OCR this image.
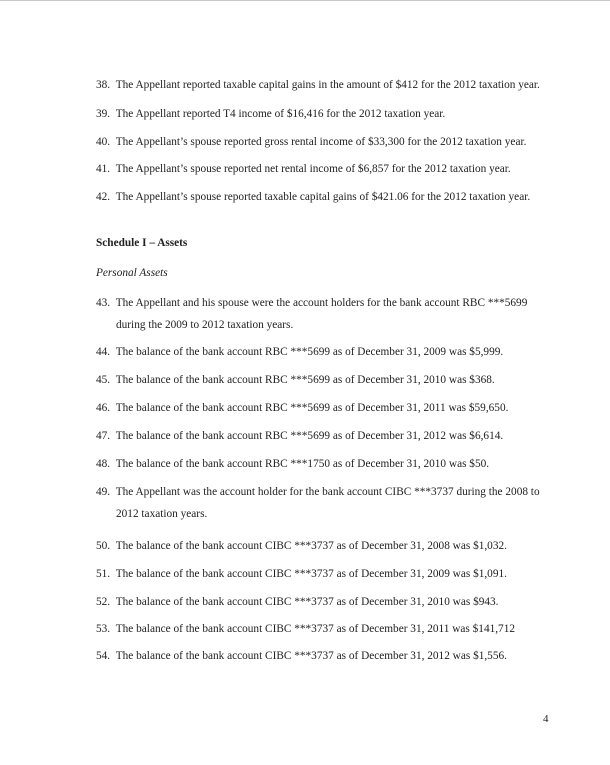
38. The Appellant reported taxable capital gains in the amount of $412 for the 2012 taxation year.

39. The Appellant reported T4 income of $16,416 for the 2012 taxation year.

40. The Appellant’s spouse reported gross rental income of $33,300 for the 2012 taxation year.

41. The Appellant’s spouse reported net rental income of $6,857 for the 2012 taxation year.

42. The Appellant’s spouse reported taxable capital gains of $421.06 for the 2012 taxation year.

Schedule I – Assets

Personal Assets

43. The Appellant and his spouse were the account holders for the bank account RBC ***5699

during the 2009 to 2012 taxation years.

44. The balance of the bank account RBC ***5699 as of December 31, 2009 was $5,999.

45. The balance of the bank account RBC ***5699 as of December 31, 2010 was $368.

46. The balance of the bank account RBC ***5699 as of December 31, 2011 was $59,650.

47. The balance of the bank account RBC ***5699 as of December 31, 2012 was $6,614.

48. The balance of the bank account RBC ***1750 as of December 31, 2010 was $50.

49. The Appellant was the account holder for the bank account CIBC ***3737 during the 2008 to

2012 taxation years.

50. The balance of the bank account CIBC ***3737 as of December 31, 2008 was $1,032.

51. The balance of the bank account CIBC ***3737 as of December 31, 2009 was $1,091.

52. The balance of the bank account CIBC ***3737 as of December 31, 2010 was $943.

53. The balance of the bank account CIBC ***3737 as of December 31, 2011 was $141,712

54. The balance of the bank account CIBC ***3737 as of December 31, 2012 was $1,556.

4
